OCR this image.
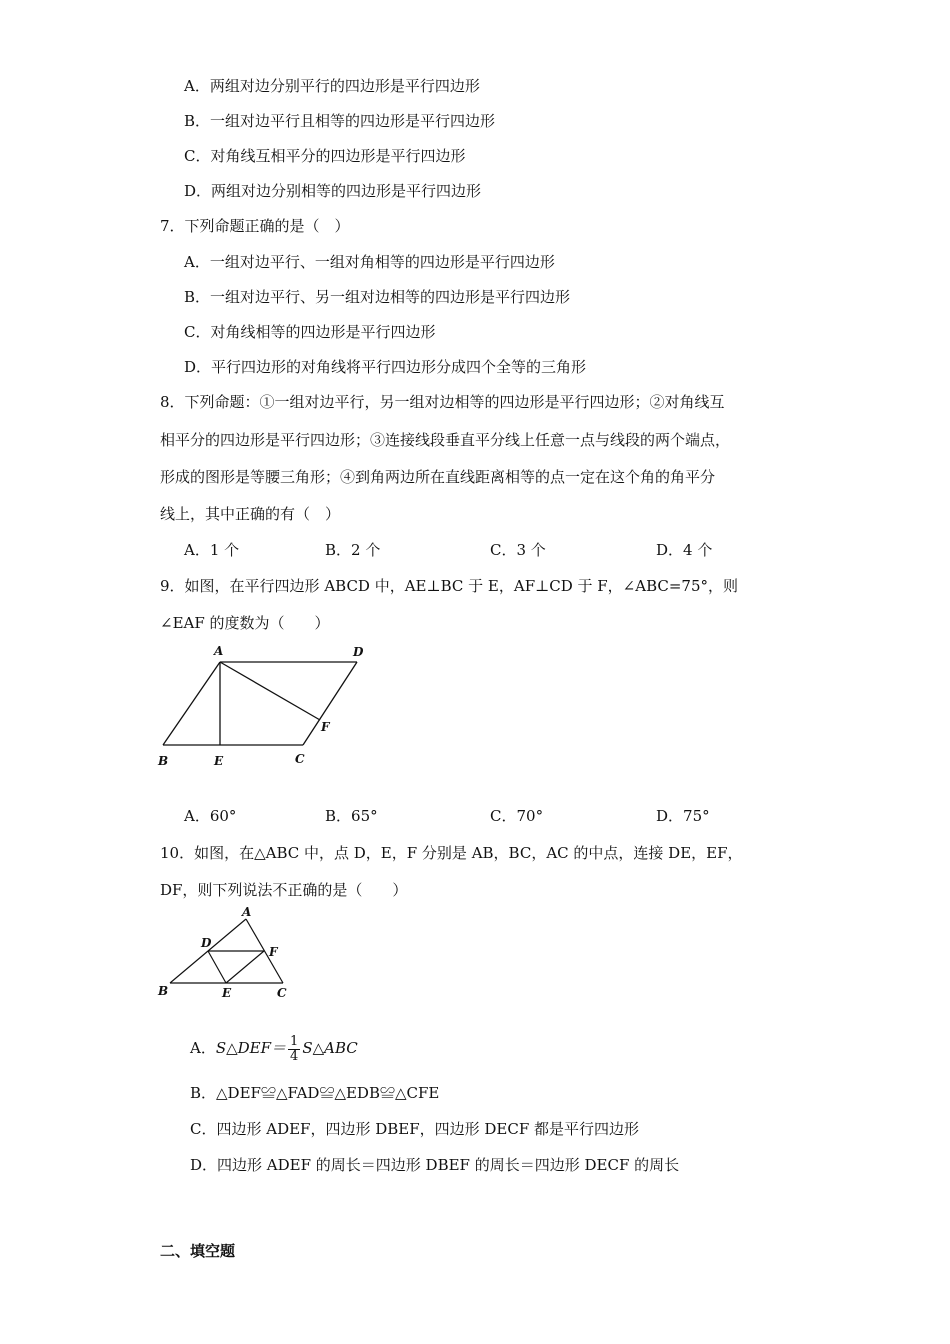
A．两组对边分别平行的四边形是平行四边形
B．一组对边平行且相等的四边形是平行四边形
C．对角线互相平分的四边形是平行四边形
D．两组对边分别相等的四边形是平行四边形
7．下列命题正确的是（　）
A．一组对边平行、一组对角相等的四边形是平行四边形
B．一组对边平行、另一组对边相等的四边形是平行四边形
C．对角线相等的四边形是平行四边形
D．平行四边形的对角线将平行四边形分成四个全等的三角形
8．下列命题：①一组对边平行，另一组对边相等的四边形是平行四边形；②对角线互
相平分的四边形是平行四边形；③连接线段垂直平分线上任意一点与线段的两个端点，
形成的图形是等腰三角形；④到角两边所在直线距离相等的点一定在这个角的角平分
线上，其中正确的有（　）
A．1 个	B．2 个	C．3 个	D．4 个
9．如图，在平行四边形 ABCD 中，AE⊥BC 于 E，AF⊥CD 于 F，∠ABC=75°，则
∠EAF 的度数为（　　）
A	D
F
B	E	C
A．60°	B．65°	C．70°	D．75°
10．如图，在△ABC 中，点 D，E，F 分别是 AB，BC，AC 的中点，连接 DE，EF，
DF，则下列说法不正确的是（　　）
A
D
F
B	E	C
A．S△DEF＝ $\frac{1}{4}$ S△ABC
B．△DEF≌△FAD≌△EDB≌△CFE
C．四边形 ADEF，四边形 DBEF，四边形 DECF 都是平行四边形
D．四边形 ADEF 的周长＝四边形 DBEF 的周长＝四边形 DECF 的周长
二、填空题
